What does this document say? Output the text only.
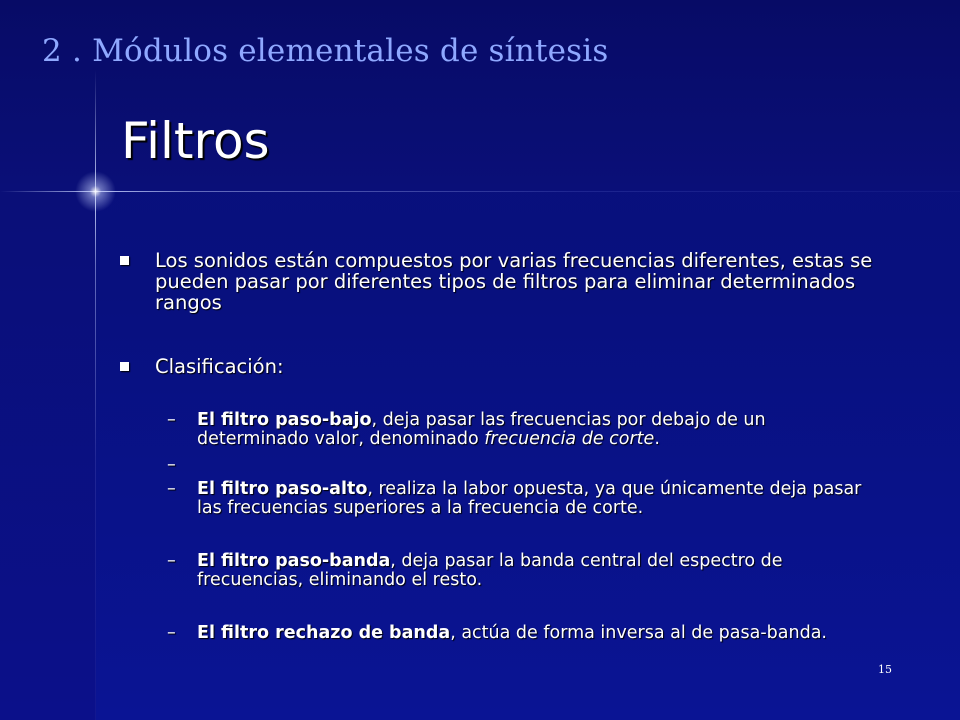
2 . Módulos elementales de síntesis
Filtros
Los sonidos están compuestos por varias frecuencias diferentes, estas se pueden pasar por diferentes tipos de filtros para eliminar determinados rangos
Clasificación:
– El filtro paso-bajo, deja pasar las frecuencias por debajo de un determinado valor, denominado frecuencia de corte.
–
– El filtro paso-alto, realiza la labor opuesta, ya que únicamente deja pasar las frecuencias superiores a la frecuencia de corte.
– El filtro paso-banda, deja pasar la banda central del espectro de frecuencias, eliminando el resto.
– El filtro rechazo de banda, actúa de forma inversa al de pasa-banda.
15
